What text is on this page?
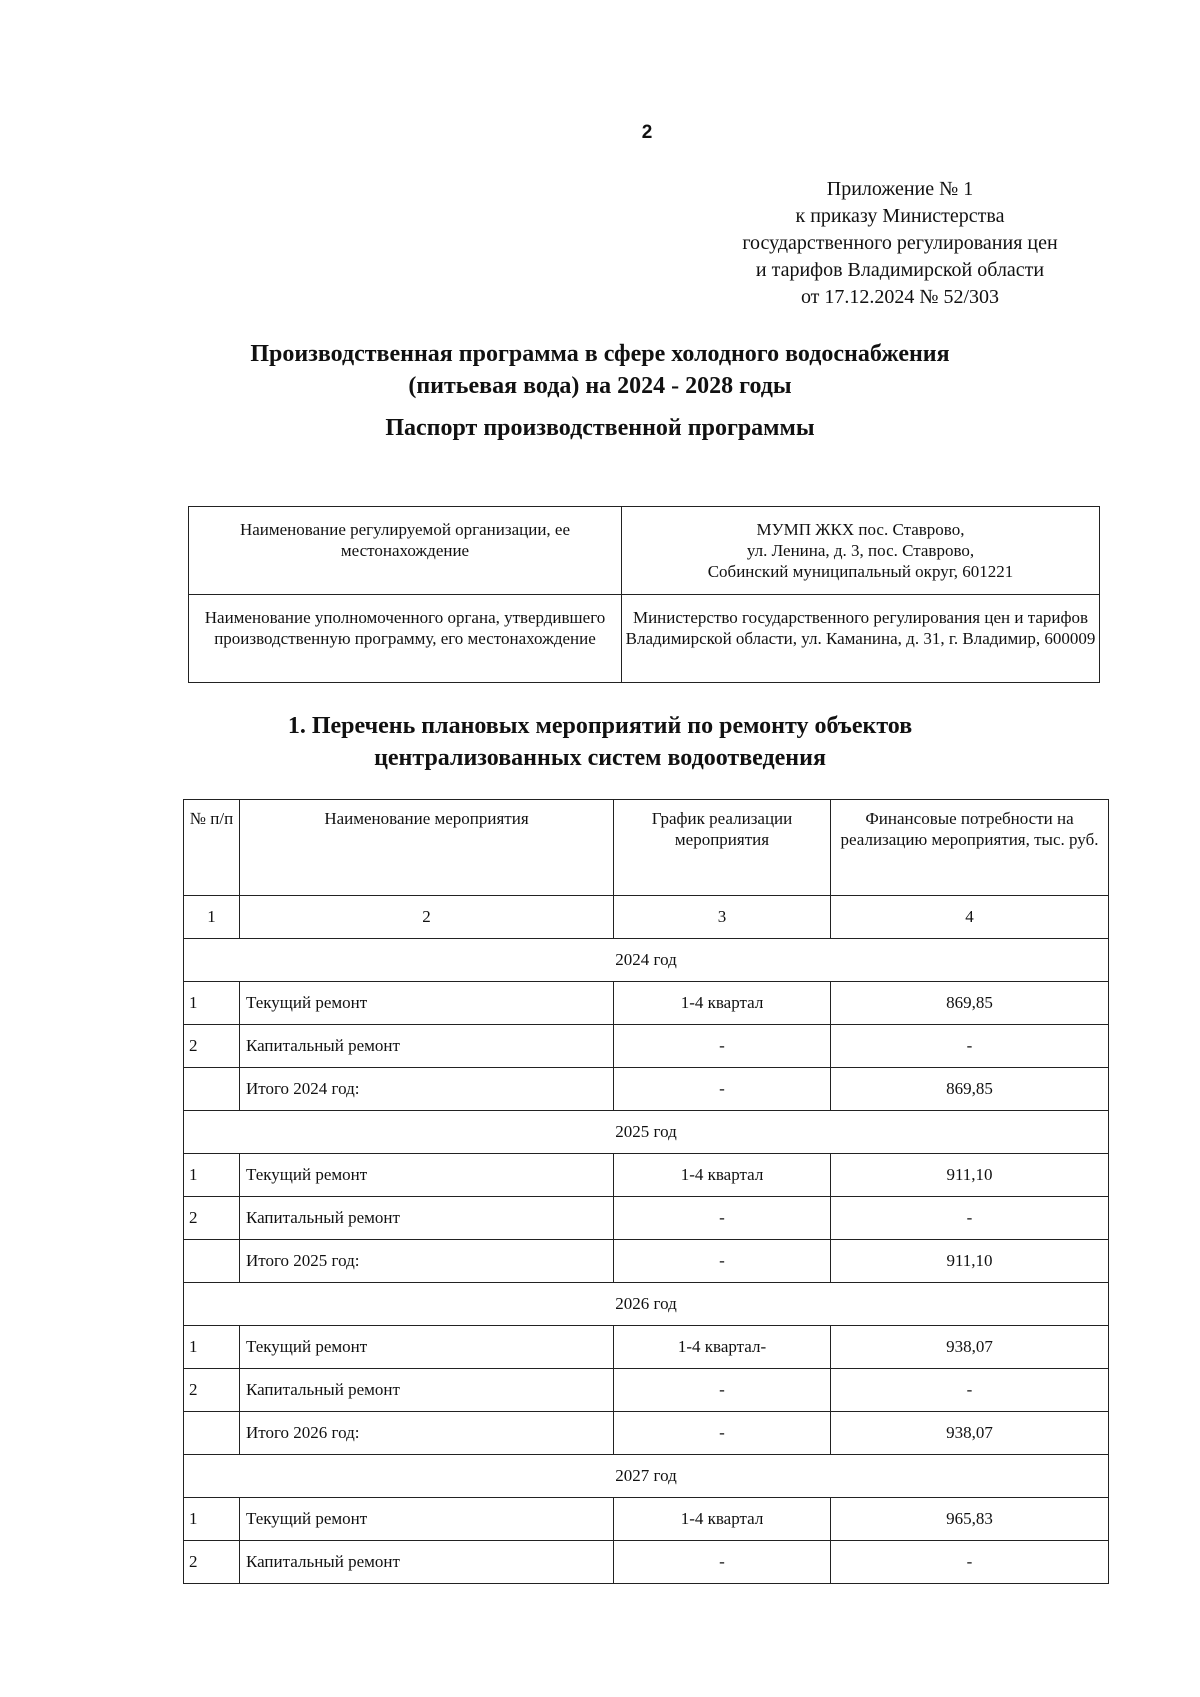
2
Приложение № 1
к приказу Министерства
государственного регулирования цен
и тарифов Владимирской области
от 17.12.2024 № 52/303
Производственная программа в сфере холодного водоснабжения
(питьевая вода) на 2024 - 2028 годы
Паспорт производственной программы
Наименование регулируемой организации, ее местонахождение	МУМП ЖКХ пос. Ставрово,
ул. Ленина, д. 3, пос. Ставрово,
Собинский муниципальный округ, 601221

Наименование уполномоченного органа, утвердившего производственную программу, его местонахождение	Министерство государственного регулирования цен и тарифов Владимирской области, ул. Каманина, д. 31, г. Владимир, 600009
1. Перечень плановых мероприятий по ремонту объектов
централизованных систем водоотведения
№ п/п	Наименование мероприятия	График реализации мероприятия	Финансовые потребности на реализацию мероприятия, тыс. руб.
1	2	3	4
2024 год			
1	Текущий ремонт	1-4 квартал	869,85
2	Капитальный ремонт	-	-
	Итого 2024 год:	-	869,85
2025 год			
1	Текущий ремонт	1-4 квартал	911,10
2	Капитальный ремонт	-	-
	Итого 2025 год:	-	911,10
2026 год			
1	Текущий ремонт	1-4 квартал-	938,07
2	Капитальный ремонт	-	-
	Итого 2026 год:	-	938,07
2027 год			
1	Текущий ремонт	1-4 квартал	965,83
2	Капитальный ремонт	-	-
